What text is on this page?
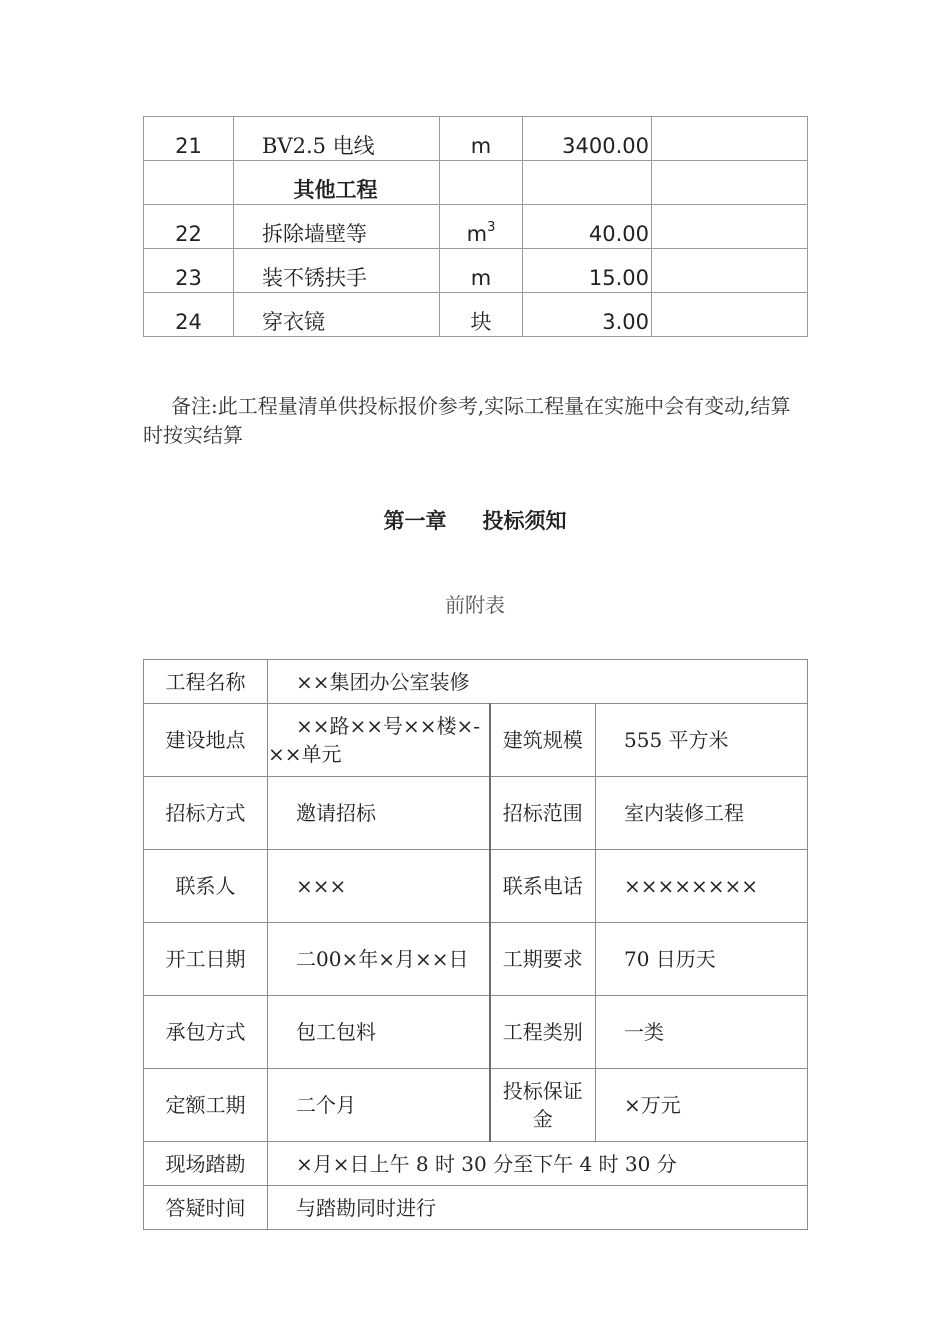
21	BV2.5 电线	m	3400.00	
	其他工程			
22	拆除墙壁等	$m^3$	40.00	
23	装不锈扶手	m	15.00	
24	穿衣镜	块	3.00	
备注:此工程量清单供投标报价参考,实际工程量在实施中会有变动,结算时按实结算
第一章 投标须知
前附表
工程名称	××集团办公室装修		
建设地点	××路××号××楼×-××单元	建筑规模	555 平方米
招标方式	邀请招标	招标范围	室内装修工程
联系人	×××	联系电话	××××××××
开工日期	二00×年×月××日	工期要求	70 日历天
承包方式	包工包料	工程类别	一类
定额工期	二个月	投标保证金	×万元
现场踏勘	×月×日上午 8 时 30 分至下午 4 时 30 分		
答疑时间	与踏勘同时进行		
